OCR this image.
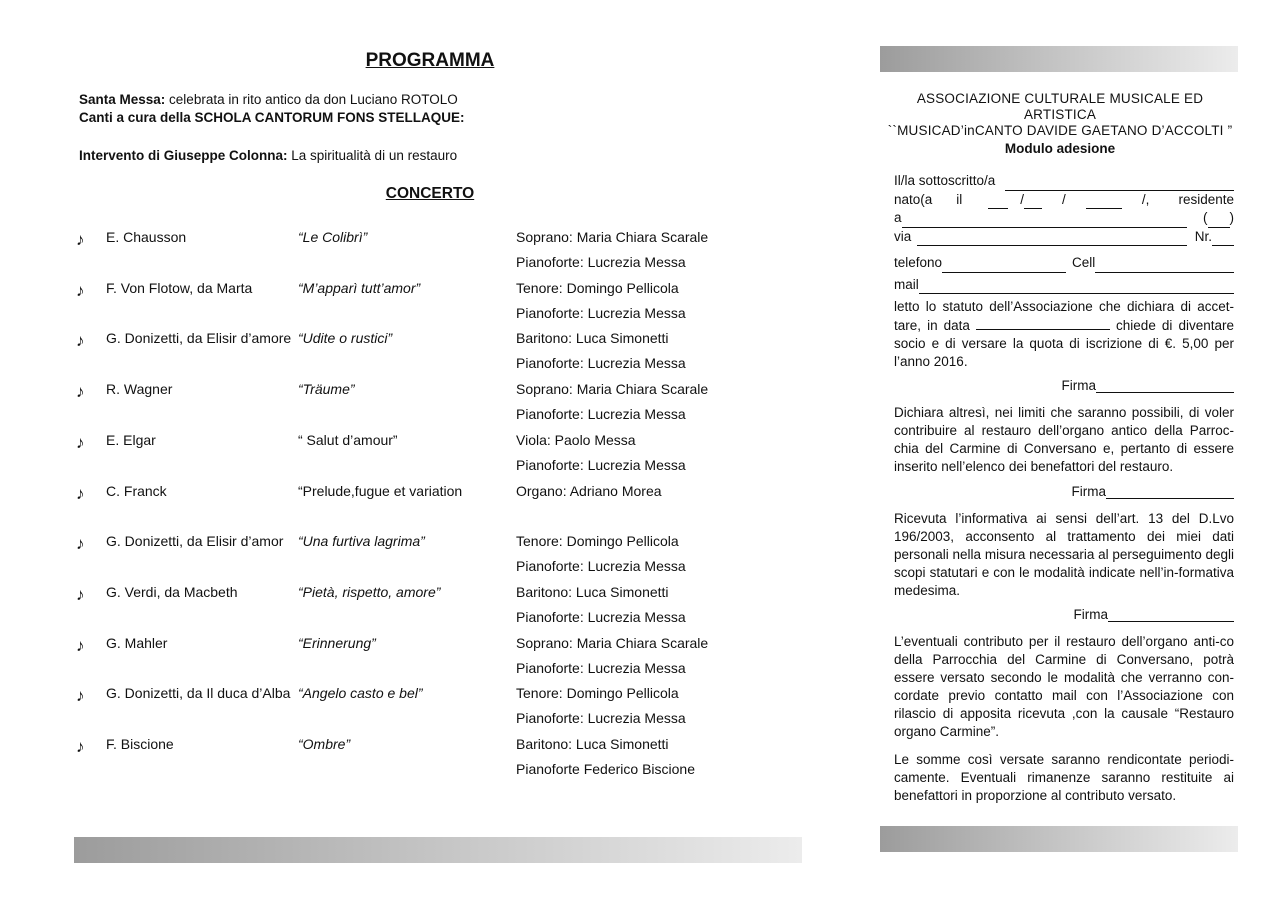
PROGRAMMA
Santa Messa: celebrata in rito antico da don Luciano ROTOLO
Canti a cura della SCHOLA CANTORUM FONS STELLAQUE:
Intervento di Giuseppe Colonna: La spiritualità di un restauro
CONCERTO
♪ E. Chausson	“Le Colibrì”	Soprano: Maria Chiara Scarale
Pianoforte: Lucrezia Messa
♪ F. Von Flotow, da Marta	“M’apparì tutt’amor”	Tenore: Domingo Pellicola
Pianoforte: Lucrezia Messa
♪ G. Donizetti, da Elisir d’amore “Udite o rustici”	Baritono: Luca Simonetti
Pianoforte: Lucrezia Messa
♪ R. Wagner	“Träume”	Soprano: Maria Chiara Scarale
Pianoforte: Lucrezia Messa
♪ E. Elgar	“ Salut d’amour”	Viola: Paolo Messa
Pianoforte: Lucrezia Messa
♪ C. Franck	“Prelude,fugue et variation	Organo: Adriano Morea
♪ G. Donizetti, da Elisir d’amor “Una furtiva lagrima”	Tenore: Domingo Pellicola
Pianoforte: Lucrezia Messa
♪ G. Verdi, da Macbeth	“Pietà, rispetto, amore”	Baritono: Luca Simonetti
Pianoforte: Lucrezia Messa
♪ G. Mahler	“Erinnerung”	Soprano: Maria Chiara Scarale
Pianoforte: Lucrezia Messa
♪ G. Donizetti, da Il duca d’Alba “Angelo casto e bel”	Tenore: Domingo Pellicola
Pianoforte: Lucrezia Messa
♪ F. Biscione	“Ombre”	Baritono: Luca Simonetti
Pianoforte Federico Biscione
ASSOCIAZIONE CULTURALE MUSICALE ED ARTISTICA
``MUSICAD’inCANTO DAVIDE GAETANO D’ACCOLTI ”
Modulo adesione
Il/la sottoscritto/a
nato(a il	/	/	/, residente
a	( )
via	Nr.
telefono	Cell
mail
letto lo statuto dell’Associazione che dichiara di accet-tare, in data	chiede di diventare socio e di versare la quota di iscrizione di €. 5,00 per l’anno 2016.
Firma
Dichiara altresì, nei limiti che saranno possibili, di voler contribuire al restauro dell’organo antico della Parroc-chia del Carmine di Conversano e, pertanto di essere inserito nell’elenco dei benefattori del restauro.
Firma
Ricevuta l’informativa ai sensi dell’art. 13 del D.Lvo 196/2003, acconsento al trattamento dei miei dati personali nella misura necessaria al perseguimento degli scopi statutari e con le modalità indicate nell’in-formativa medesima.
Firma
L’eventuali contributo per il restauro dell’organo anti-co della Parrocchia del Carmine di Conversano, potrà essere versato secondo le modalità che verranno con-cordate previo contatto mail con l’Associazione con rilascio di apposita ricevuta ,con la causale “Restauro organo Carmine”.
Le somme così versate saranno rendicontate periodi-camente. Eventuali rimanenze saranno restituite ai benefattori in proporzione al contributo versato.
